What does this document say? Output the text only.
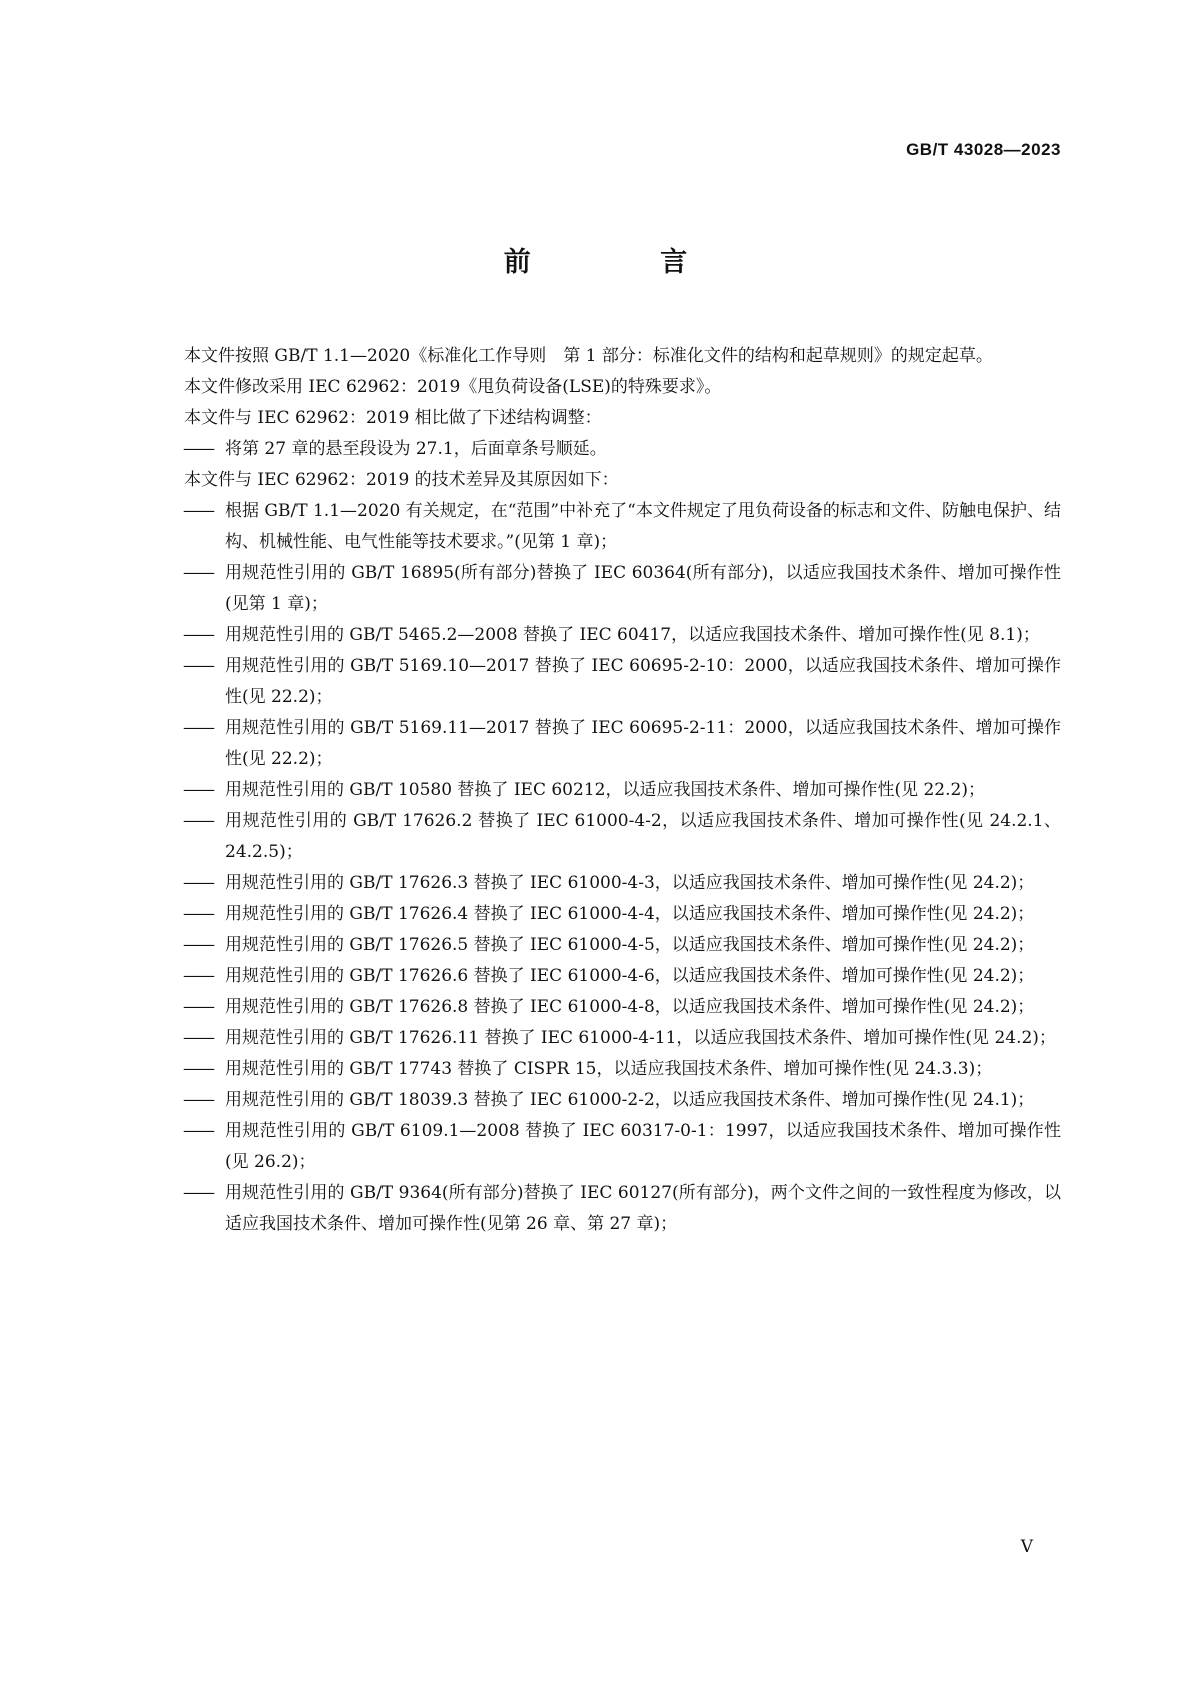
GB/T 43028—2023
前 言

本文件按照 GB/T 1.1—2020《标准化工作导则　第 1 部分：标准化文件的结构和起草规则》的规定起草。

本文件修改采用 IEC 62962：2019《甩负荷设备(LSE)的特殊要求》。

本文件与 IEC 62962：2019 相比做了下述结构调整：

—— 将第 27 章的悬至段设为 27.1，后面章条号顺延。

本文件与 IEC 62962：2019 的技术差异及其原因如下：

—— 根据 GB/T 1.1—2020 有关规定，在“范围”中补充了“本文件规定了甩负荷设备的标志和文件、防触电保护、结构、机械性能、电气性能等技术要求。”(见第 1 章)；

—— 用规范性引用的 GB/T 16895(所有部分)替换了 IEC 60364(所有部分)，以适应我国技术条件、增加可操作性(见第 1 章)；

—— 用规范性引用的 GB/T 5465.2—2008 替换了 IEC 60417，以适应我国技术条件、增加可操作性(见 8.1)；

—— 用规范性引用的 GB/T 5169.10—2017 替换了 IEC 60695-2-10：2000，以适应我国技术条件、增加可操作性(见 22.2)；

—— 用规范性引用的 GB/T 5169.11—2017 替换了 IEC 60695-2-11：2000，以适应我国技术条件、增加可操作性(见 22.2)；

—— 用规范性引用的 GB/T 10580 替换了 IEC 60212，以适应我国技术条件、增加可操作性(见 22.2)；

—— 用规范性引用的 GB/T 17626.2 替换了 IEC 61000-4-2，以适应我国技术条件、增加可操作性(见 24.2.1、24.2.5)；

—— 用规范性引用的 GB/T 17626.3 替换了 IEC 61000-4-3，以适应我国技术条件、增加可操作性(见 24.2)；

—— 用规范性引用的 GB/T 17626.4 替换了 IEC 61000-4-4，以适应我国技术条件、增加可操作性(见 24.2)；

—— 用规范性引用的 GB/T 17626.5 替换了 IEC 61000-4-5，以适应我国技术条件、增加可操作性(见 24.2)；

—— 用规范性引用的 GB/T 17626.6 替换了 IEC 61000-4-6，以适应我国技术条件、增加可操作性(见 24.2)；

—— 用规范性引用的 GB/T 17626.8 替换了 IEC 61000-4-8，以适应我国技术条件、增加可操作性(见 24.2)；

—— 用规范性引用的 GB/T 17626.11 替换了 IEC 61000-4-11，以适应我国技术条件、增加可操作性(见 24.2)；

—— 用规范性引用的 GB/T 17743 替换了 CISPR 15，以适应我国技术条件、增加可操作性(见 24.3.3)；

—— 用规范性引用的 GB/T 18039.3 替换了 IEC 61000-2-2，以适应我国技术条件、增加可操作性(见 24.1)；

—— 用规范性引用的 GB/T 6109.1—2008 替换了 IEC 60317-0-1：1997，以适应我国技术条件、增加可操作性(见 26.2)；

—— 用规范性引用的 GB/T 9364(所有部分)替换了 IEC 60127(所有部分)，两个文件之间的一致性程度为修改，以适应我国技术条件、增加可操作性(见第 26 章、第 27 章)；

V
